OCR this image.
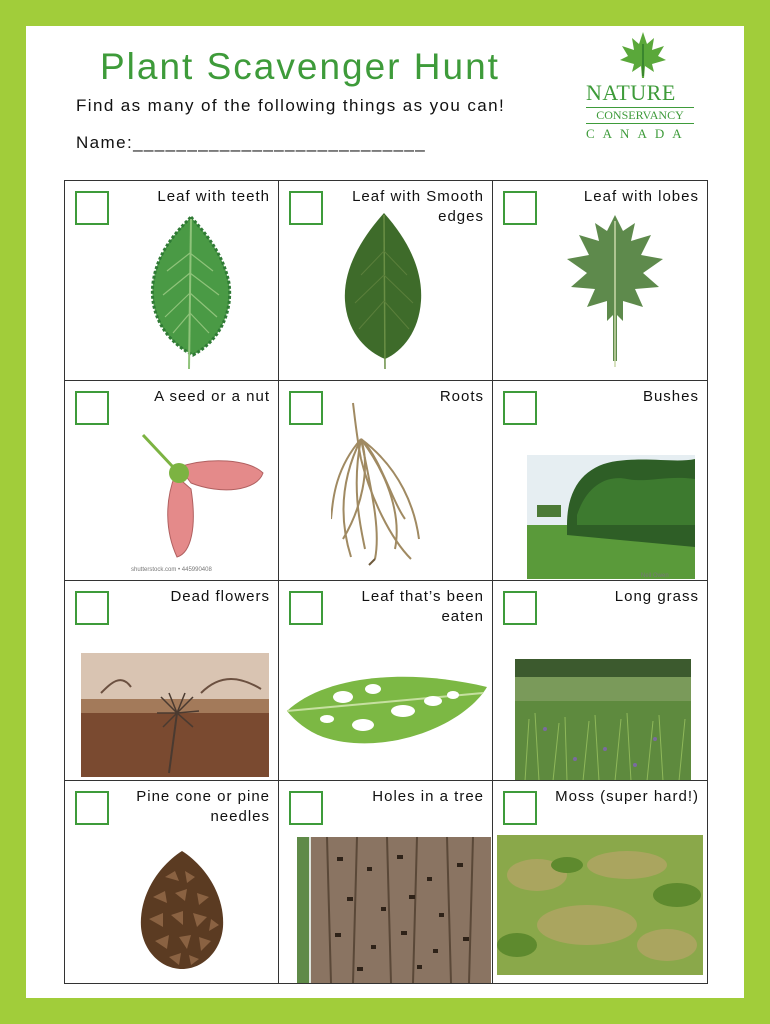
Plant Scavenger Hunt
Find as many of the following things as you can!
Name:___________________________
NATURE
CONSERVANCY
CANADA
Leaf with teeth	Leaf with Smooth edges
Leaf with lobes
A seed or a nut
shutterstock.com • 445990408
Roots	Bushes
Neil Owen
Dead flowers	Leaf that’s been eaten
Long grass
Pine cone or pine needles
Holes in a tree	Moss (super hard!)
